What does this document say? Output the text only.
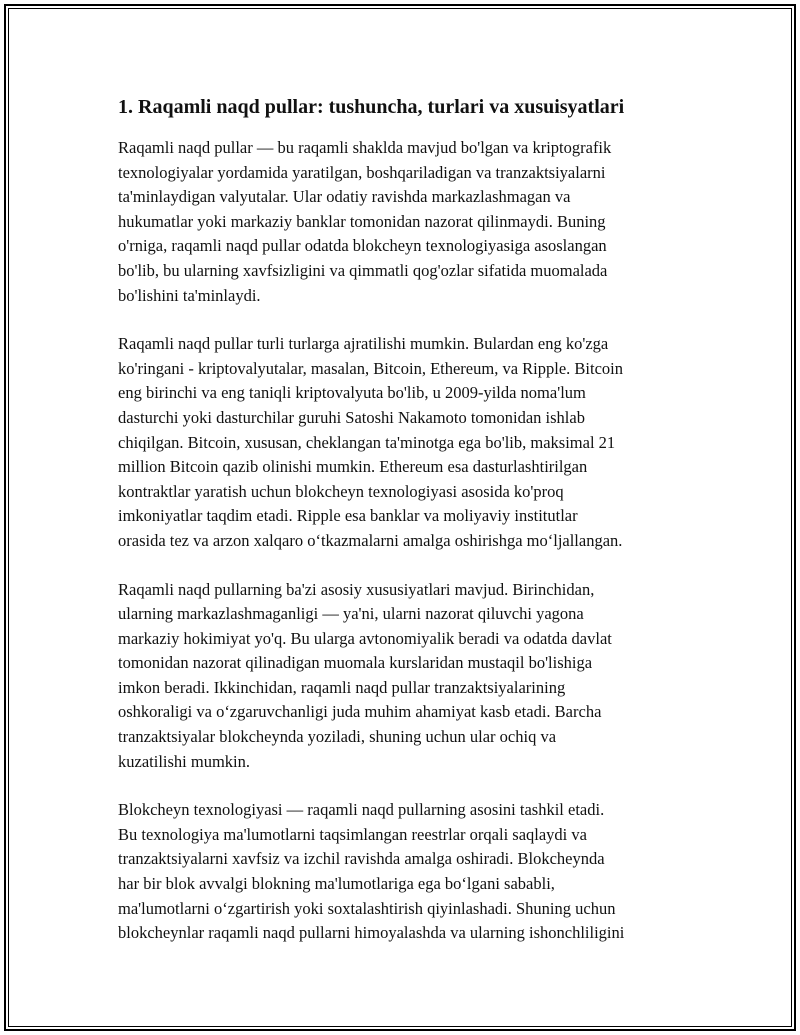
1. Raqamli naqd pullar: tushuncha, turlari va xusuisyatlari

Raqamli naqd pullar — bu raqamli shaklda mavjud bo'lgan va kriptografik
texnologiyalar yordamida yaratilgan, boshqariladigan va tranzaktsiyalarni
ta'minlaydigan valyutalar. Ular odatiy ravishda markazlashmagan va
hukumatlar yoki markaziy banklar tomonidan nazorat qilinmaydi. Buning
o'rniga, raqamli naqd pullar odatda blokcheyn texnologiyasiga asoslangan
bo'lib, bu ularning xavfsizligini va qimmatli qog'ozlar sifatida muomalada
bo'lishini ta'minlaydi.

Raqamli naqd pullar turli turlarga ajratilishi mumkin. Bulardan eng ko'zga
ko'ringani - kriptovalyutalar, masalan, Bitcoin, Ethereum, va Ripple. Bitcoin
eng birinchi va eng taniqli kriptovalyuta bo'lib, u 2009-yilda noma'lum
dasturchi yoki dasturchilar guruhi Satoshi Nakamoto tomonidan ishlab
chiqilgan. Bitcoin, xususan, cheklangan ta'minotga ega bo'lib, maksimal 21
million Bitcoin qazib olinishi mumkin. Ethereum esa dasturlashtirilgan
kontraktlar yaratish uchun blokcheyn texnologiyasi asosida ko'proq
imkoniyatlar taqdim etadi. Ripple esa banklar va moliyaviy institutlar
orasida tez va arzon xalqaro o‘tkazmalarni amalga oshirishga mo‘ljallangan.

Raqamli naqd pullarning ba'zi asosiy xususiyatlari mavjud. Birinchidan,
ularning markazlashmaganligi — ya'ni, ularni nazorat qiluvchi yagona
markaziy hokimiyat yo'q. Bu ularga avtonomiyalik beradi va odatda davlat
tomonidan nazorat qilinadigan muomala kurslaridan mustaqil bo'lishiga
imkon beradi. Ikkinchidan, raqamli naqd pullar tranzaktsiyalarining
oshkoraligi va o‘zgaruvchanligi juda muhim ahamiyat kasb etadi. Barcha
tranzaktsiyalar blokcheynda yoziladi, shuning uchun ular ochiq va
kuzatilishi mumkin.

Blokcheyn texnologiyasi — raqamli naqd pullarning asosini tashkil etadi.
Bu texnologiya ma'lumotlarni taqsimlangan reestrlar orqali saqlaydi va
tranzaktsiyalarni xavfsiz va izchil ravishda amalga oshiradi. Blokcheynda
har bir blok avvalgi blokning ma'lumotlariga ega bo‘lgani sababli,
ma'lumotlarni o‘zgartirish yoki soxtalashtirish qiyinlashadi. Shuning uchun
blokcheynlar raqamli naqd pullarni himoyalashda va ularning ishonchliligini
